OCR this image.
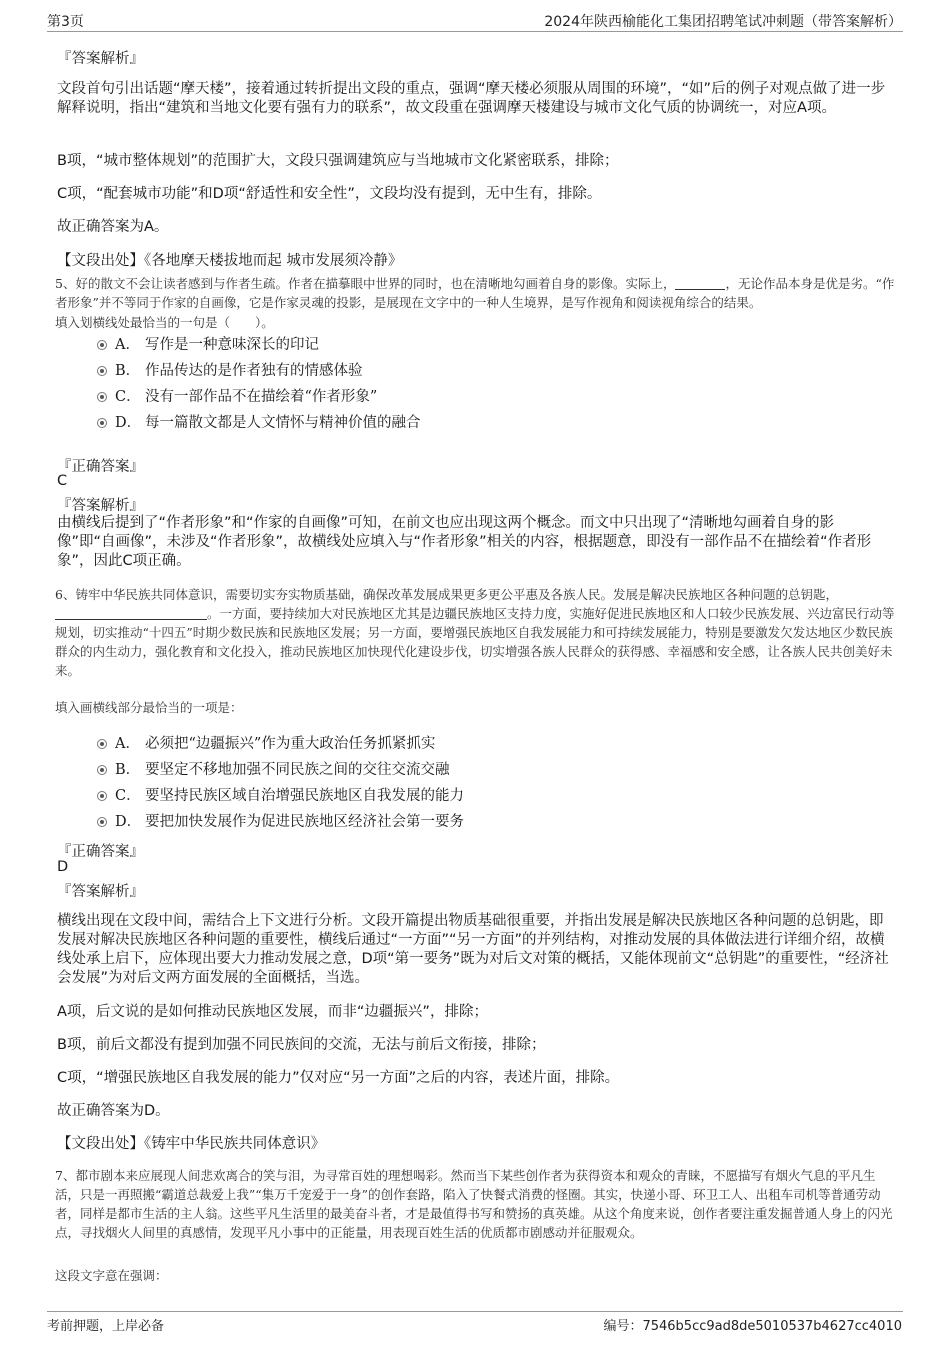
第3页	2024年陕西榆能化工集团招聘笔试冲刺题（带答案解析）
『答案解析』
文段首句引出话题“摩天楼”，接着通过转折提出文段的重点，强调“摩天楼必须服从周围的环境”，“如”后的例子对观点做了进一步解释说明，指出“建筑和当地文化要有强有力的联系”，故文段重在强调摩天楼建设与城市文化气质的协调统一，对应A项。
B项，“城市整体规划”的范围扩大，文段只强调建筑应与当地城市文化紧密联系，排除；
C项，“配套城市功能”和D项“舒适性和安全性”，文段均没有提到，无中生有，排除。
故正确答案为A。
【文段出处】《各地摩天楼拔地而起 城市发展须冷静》
5、好的散文不会让读者感到与作者生疏。作者在描摹眼中世界的同时，也在清晰地勾画着自身的影像。实际上，	，无论作品本身是优是劣。“作者形象”并不等同于作家的自画像，它是作家灵魂的投影，是展现在文字中的一种人生境界，是写作视角和阅读视角综合的结果。
填入划横线处最恰当的一句是（　　）。
A． 写作是一种意味深长的印记
B． 作品传达的是作者独有的情感体验
C． 没有一部作品不在描绘着“作者形象”
D． 每一篇散文都是人文情怀与精神价值的融合
『正确答案』
C
『答案解析』
由横线后提到了“作者形象”和“作家的自画像”可知，在前文也应出现这两个概念。而文中只出现了“清晰地勾画着自身的影像”即“自画像”，未涉及“作者形象”，故横线处应填入与“作者形象”相关的内容，根据题意，即没有一部作品不在描绘着“作者形象”，因此C项正确。
6、铸牢中华民族共同体意识，需要切实夯实物质基础，确保改革发展成果更多更公平惠及各族人民。发展是解决民族地区各种问题的总钥匙，。一方面，要持续加大对民族地区尤其是边疆民族地区支持力度，实施好促进民族地区和人口较少民族发展、兴边富民行动等规划，切实推动“十四五”时期少数民族和民族地区发展；另一方面，要增强民族地区自我发展能力和可持续发展能力，特别是要激发欠发达地区少数民族群众的内生动力，强化教育和文化投入，推动民族地区加快现代化建设步伐，切实增强各族人民群众的获得感、幸福感和安全感，让各族人民共创美好未来。
填入画横线部分最恰当的一项是：
A． 必须把“边疆振兴”作为重大政治任务抓紧抓实
B． 要坚定不移地加强不同民族之间的交往交流交融
C． 要坚持民族区域自治增强民族地区自我发展的能力
D． 要把加快发展作为促进民族地区经济社会第一要务
『正确答案』
D
『答案解析』
横线出现在文段中间，需结合上下文进行分析。文段开篇提出物质基础很重要，并指出发展是解决民族地区各种问题的总钥匙，即发展对解决民族地区各种问题的重要性，横线后通过“一方面”“另一方面”的并列结构，对推动发展的具体做法进行详细介绍，故横线处承上启下，应体现出要大力推动发展之意，D项“第一要务”既为对后文对策的概括，又能体现前文“总钥匙”的重要性，“经济社会发展”为对后文两方面发展的全面概括，当选。
A项，后文说的是如何推动民族地区发展，而非“边疆振兴”，排除；
B项，前后文都没有提到加强不同民族间的交流，无法与前后文衔接，排除；
C项，“增强民族地区自我发展的能力”仅对应“另一方面”之后的内容，表述片面，排除。
故正确答案为D。
【文段出处】《铸牢中华民族共同体意识》
7、都市剧本来应展现人间悲欢离合的笑与泪，为寻常百姓的理想喝彩。然而当下某些创作者为获得资本和观众的青睐，不愿描写有烟火气息的平凡生活，只是一再照搬“霸道总裁爱上我”“集万千宠爱于一身”的创作套路，陷入了快餐式消费的怪圈。其实，快递小哥、环卫工人、出租车司机等普通劳动者，同样是都市生活的主人翁。这些平凡生活里的最美奋斗者，才是最值得书写和赞扬的真英雄。从这个角度来说，创作者要注重发掘普通人身上的闪光点，寻找烟火人间里的真感情，发现平凡小事中的正能量，用表现百姓生活的优质都市剧感动并征服观众。
这段文字意在强调：
考前押题，上岸必备	编号：7546b5cc9ad8de5010537b4627cc4010
